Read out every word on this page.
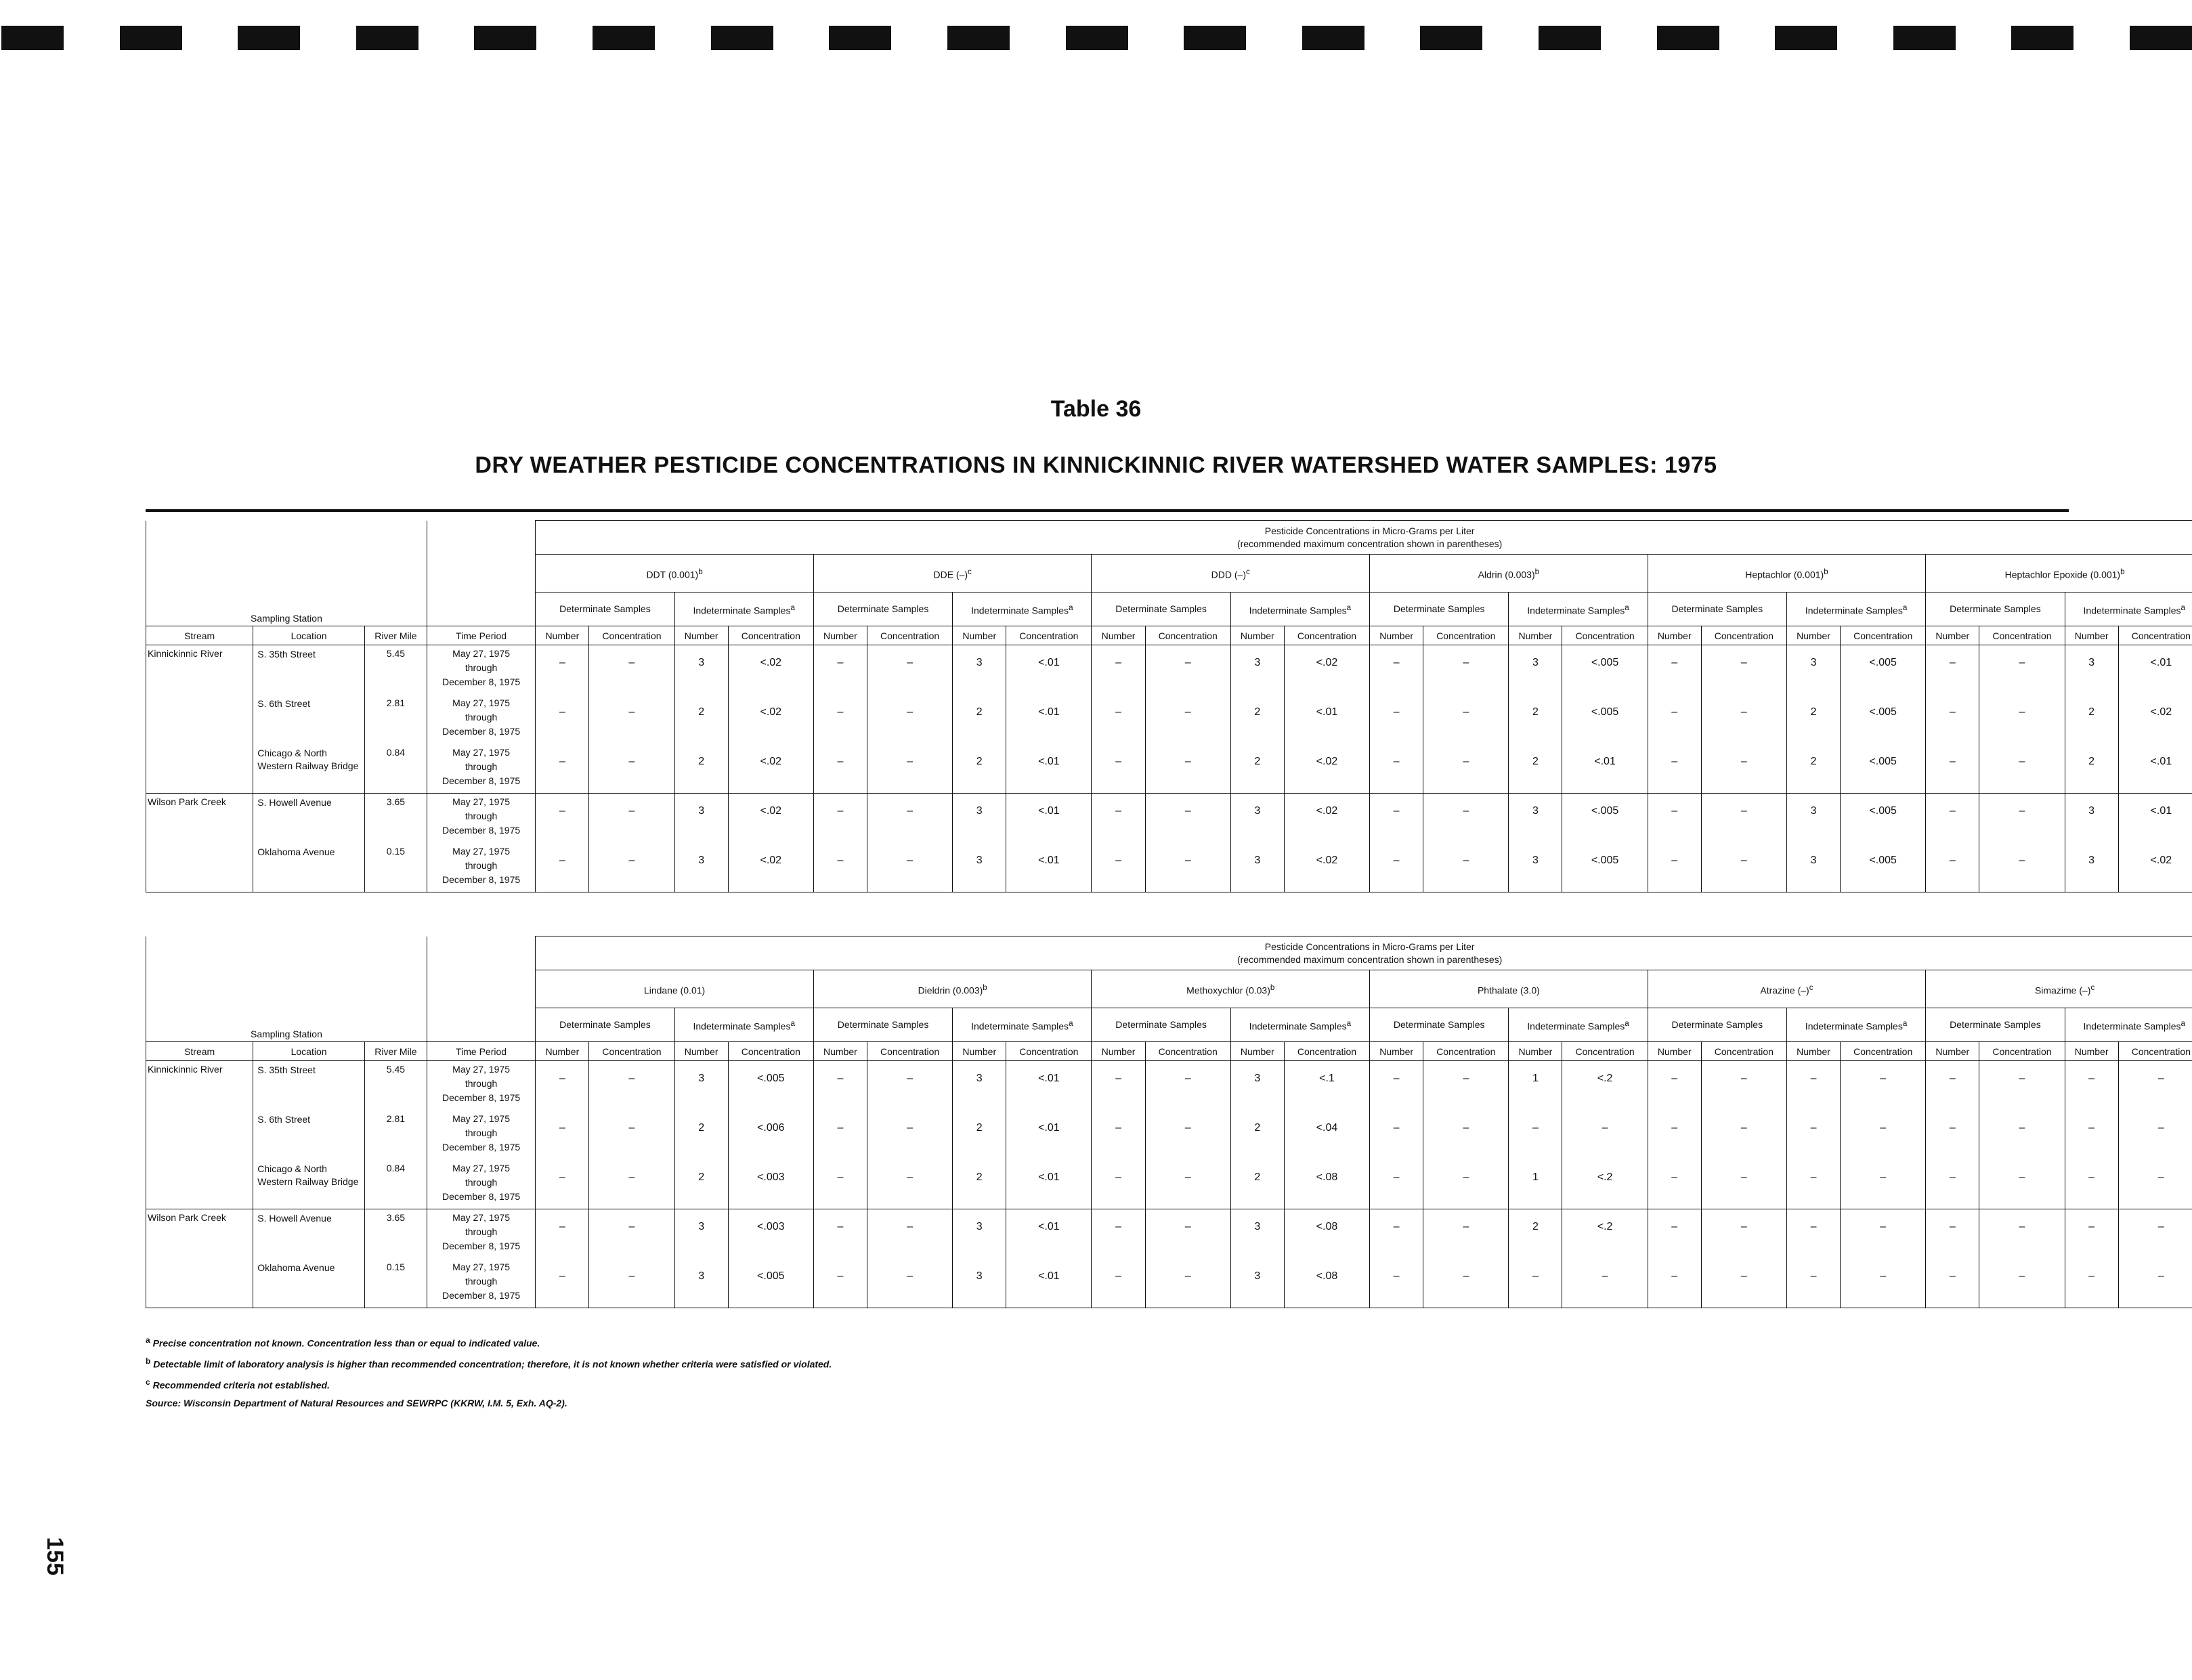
Table 36
DRY WEATHER PESTICIDE CONCENTRATIONS IN KINNICKINNIC RIVER WATERSHED WATER SAMPLES: 1975
				Pesticide Concentrations in Micro-Grams per Liter
(recommended maximum concentration shown in parentheses)																							
				DDT $(0.001)^b$				DDE $(-)^c$				DDD $(-)^c$				Aldrin $(0.003)^b$				Heptachlor $(0.001)^b$				Heptachlor Epoxide $(0.001)^b$
Sampling Station				Determinate Samples		Indeterminate Samples$^a$		Determinate Samples		Indeterminate Samples$^a$		Determinate Samples		Indeterminate Samples$^a$		Determinate Samples		Indeterminate Samples$^a$		Determinate Samples		Indeterminate Samples$^a$		Determinate Samples		Indeterminate Samples$^a$
Stream	Location	River Mile	Time Period	Number	Concentration	Number	Concentration	Number	Concentration	Number	Concentration	Number	Concentration	Number	Concentration	Number	Concentration	Number	Concentration	Number	Concentration	Number	Concentration	Number	Concentration	Number	Concentration
Kinnickinnic River	S. 35th Street	5.45	May 27, 1975
through
December 8, 1975	–	–	3	<.02	–	–	3	<.01	–	–	3	<.02	–	–	3	<.005	–	–	3	<.005	–	–	3	<.01
	S. 6th Street	2.81	May 27, 1975
through
December 8, 1975	–	–	2	<.02	–	–	2	<.01	–	–	2	<.01	–	–	2	<.005	–	–	2	<.005	–	–	2	<.02
	Chicago & North Western Railway Bridge	0.84	May 27, 1975
through
December 8, 1975	–	–	2	<.02	–	–	2	<.01	–	–	2	<.02	–	–	2	<.01	–	–	2	<.005	–	–	2	<.01
Wilson Park Creek	S. Howell Avenue	3.65	May 27, 1975
through
December 8, 1975	–	–	3	<.02	–	–	3	<.01	–	–	3	<.02	–	–	3	<.005	–	–	3	<.005	–	–	3	<.01
	Oklahoma Avenue	0.15	May 27, 1975
through
December 8, 1975	–	–	3	<.02	–	–	3	<.01	–	–	3	<.02	–	–	3	<.005	–	–	3	<.005	–	–	3	<.02
				Pesticide Concentrations in Micro-Grams per Liter
(recommended maximum concentration shown in parentheses)																							
				Lindane (0.01)				Dieldrin $(0.003)^b$				Methoxychlor $(0.03)^b$				Phthalate (3.0)				Atrazine $(-)^c$				Simazime $(-)^c$
Sampling Station				Determinate Samples		Indeterminate Samples$^a$		Determinate Samples		Indeterminate Samples$^a$		Determinate Samples		Indeterminate Samples$^a$		Determinate Samples		Indeterminate Samples$^a$		Determinate Samples		Indeterminate Samples$^a$		Determinate Samples		Indeterminate Samples$^a$
Stream	Location	River Mile	Time Period	Number	Concentration	Number	Concentration	Number	Concentration	Number	Concentration	Number	Concentration	Number	Concentration	Number	Concentration	Number	Concentration	Number	Concentration	Number	Concentration	Number	Concentration	Number	Concentration
Kinnickinnic River	S. 35th Street	5.45	May 27, 1975
through
December 8, 1975	–	–	3	<.005	–	–	3	<.01	–	–	3	<.1	–	–	1	<.2	–	–	–	–	–	–	–	–
	S. 6th Street	2.81	May 27, 1975
through
December 8, 1975	–	–	2	<.006	–	–	2	<.01	–	–	2	<.04	–	–	–	–	–	–	–	–	–	–	–	–
	Chicago & North Western Railway Bridge	0.84	May 27, 1975
through
December 8, 1975	–	–	2	<.003	–	–	2	<.01	–	–	2	<.08	–	–	1	<.2	–	–	–	–	–	–	–	–
Wilson Park Creek	S. Howell Avenue	3.65	May 27, 1975
through
December 8, 1975	–	–	3	<.003	–	–	3	<.01	–	–	3	<.08	–	–	2	<.2	–	–	–	–	–	–	–	–
	Oklahoma Avenue	0.15	May 27, 1975
through
December 8, 1975	–	–	3	<.005	–	–	3	<.01	–	–	3	<.08	–	–	–	–	–	–	–	–	–	–	–	–
$^a$ Precise concentration not known. Concentration less than or equal to indicated value.
$^b$ Detectable limit of laboratory analysis is higher than recommended concentration; therefore, it is not known whether criteria were satisfied or violated.
$^c$ Recommended criteria not established.
Source: Wisconsin Department of Natural Resources and SEWRPC (KKRW, I.M. 5, Exh. AQ-2).
155
